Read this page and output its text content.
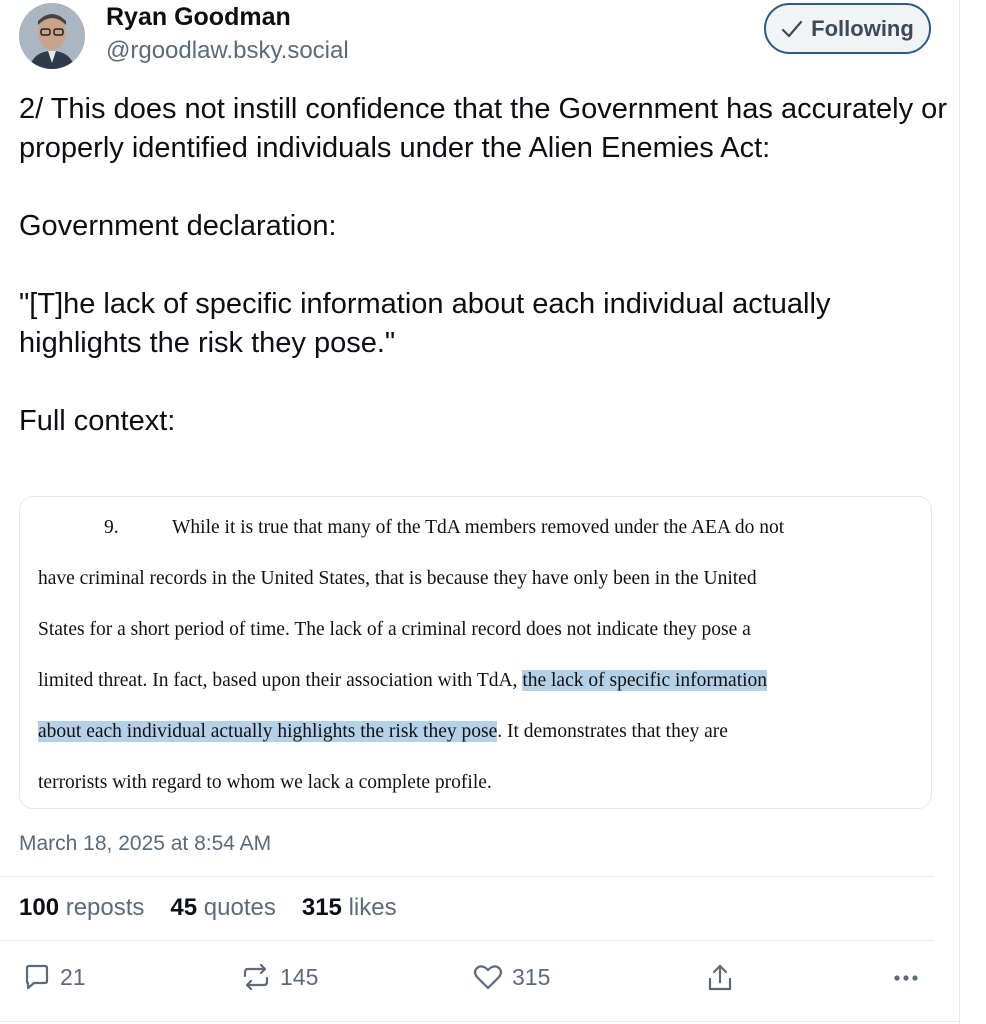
Ryan Goodman
@rgoodlaw.bsky.social
Following

2/ This does not instill confidence that the Government has accurately or properly identified individuals under the Alien Enemies Act:

Government declaration:

"[T]he lack of specific information about each individual actually highlights the risk they pose."

Full context:

9.	While it is true that many of the TdA members removed under the AEA do not
have criminal records in the United States, that is because they have only been in the United
States for a short period of time. The lack of a criminal record does not indicate they pose a
limited threat. In fact, based upon their association with TdA, the lack of specific information
about each individual actually highlights the risk they pose. It demonstrates that they are
terrorists with regard to whom we lack a complete profile.
March 18, 2025 at 8:54 AM
100 reposts 45 quotes 315 likes
21	145	315
